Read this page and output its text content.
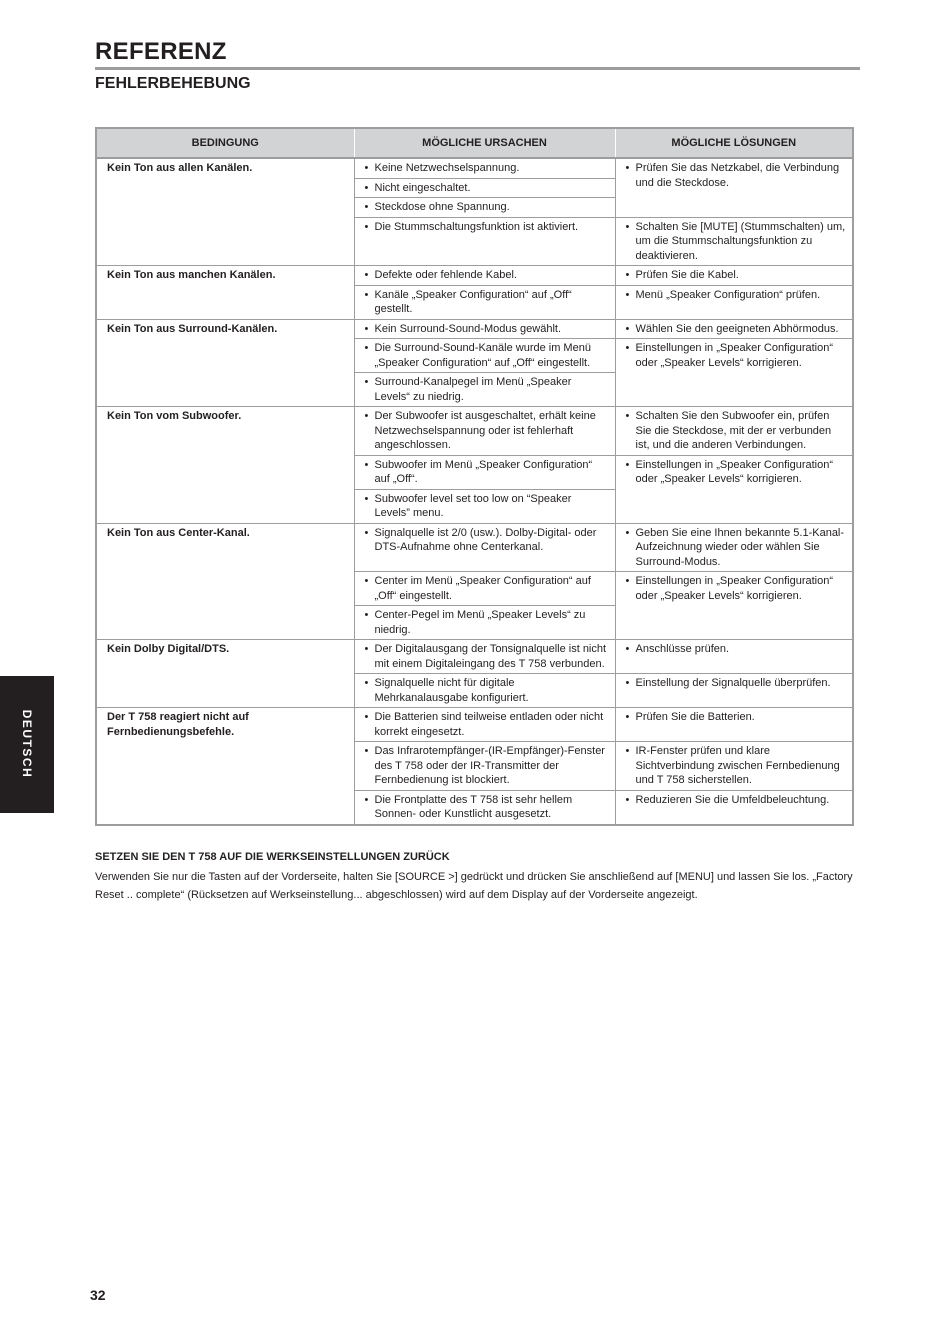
REFERENZ
FEHLERBEHEBUNG
BEDINGUNG	MÖGLICHE URSACHEN	MÖGLICHE LÖSUNGEN
Kein Ton aus allen Kanälen.	• Keine Netzwechselspannung.	• Prüfen Sie das Netzkabel, die Verbindung und die Steckdose.

	• Nicht eingeschaltet.	

	• Steckdose ohne Spannung.	

	• Die Stummschaltungsfunktion ist aktiviert.	• Schalten Sie [MUTE] (Stummschalten) um, um die Stummschaltungsfunktion zu deaktivieren.

Kein Ton aus manchen Kanälen.	• Defekte oder fehlende Kabel.	• Prüfen Sie die Kabel.

	• Kanäle „Speaker Configuration“ auf „Off“ gestellt.	• Menü „Speaker Configuration“ prüfen.

Kein Ton aus Surround-Kanälen.	• Kein Surround-Sound-Modus gewählt.	• Wählen Sie den geeigneten Abhörmodus.

	• Die Surround-Sound-Kanäle wurde im Menü „Speaker Configuration“ auf „Off“ eingestellt.	• Einstellungen in „Speaker Configuration“ oder „Speaker Levels“ korrigieren.

	• Surround-Kanalpegel im Menü „Speaker Levels“ zu niedrig.	

Kein Ton vom Subwoofer.	• Der Subwoofer ist ausgeschaltet, erhält keine Netzwechselspannung oder ist fehlerhaft angeschlossen.	• Schalten Sie den Subwoofer ein, prüfen Sie die Steckdose, mit der er verbunden ist, und die anderen Verbindungen.

	• Subwoofer im Menü „Speaker Configuration“ auf „Off“.	• Einstellungen in „Speaker Configuration“ oder „Speaker Levels“ korrigieren.

	• Subwoofer level set too low on “Speaker Levels” menu.	

Kein Ton aus Center-Kanal.	• Signalquelle ist 2/0 (usw.). Dolby-Digital- oder DTS-Aufnahme ohne Centerkanal.	• Geben Sie eine Ihnen bekannte 5.1-Kanal-Aufzeichnung wieder oder wählen Sie Surround-Modus.

	• Center im Menü „Speaker Configuration“ auf „Off“ eingestellt.	• Einstellungen in „Speaker Configuration“ oder „Speaker Levels“ korrigieren.

	• Center-Pegel im Menü „Speaker Levels“ zu niedrig.	

Kein Dolby Digital/DTS.	• Der Digitalausgang der Tonsignalquelle ist nicht mit einem Digitaleingang des T 758 verbunden.	• Anschlüsse prüfen.

	• Signalquelle nicht für digitale Mehrkanalausgabe konfiguriert.	• Einstellung der Signalquelle überprüfen.

Der T 758 reagiert nicht auf Fernbedienungsbefehle.	• Die Batterien sind teilweise entladen oder nicht korrekt eingesetzt.	• Prüfen Sie die Batterien.

	• Das Infrarotempfänger-(IR-Empfänger)-Fenster des T 758 oder der IR-Transmitter der Fernbedienung ist blockiert.	• IR-Fenster prüfen und klare Sichtverbindung zwischen Fernbedienung und T 758 sicherstellen.

	• Die Frontplatte des T 758 ist sehr hellem Sonnen- oder Kunstlicht ausgesetzt.	• Reduzieren Sie die Umfeldbeleuchtung.
SETZEN SIE DEN T 758 AUF DIE WERKSEINSTELLUNGEN ZURÜCK

Verwenden Sie nur die Tasten auf der Vorderseite, halten Sie [SOURCE >] gedrückt und drücken Sie anschließend auf [MENU] und lassen Sie los. „Factory Reset .. complete“ (Rücksetzen auf Werkseinstellung... abgeschlossen) wird auf dem Display auf der Vorderseite angezeigt.

DEUTSCH
32
